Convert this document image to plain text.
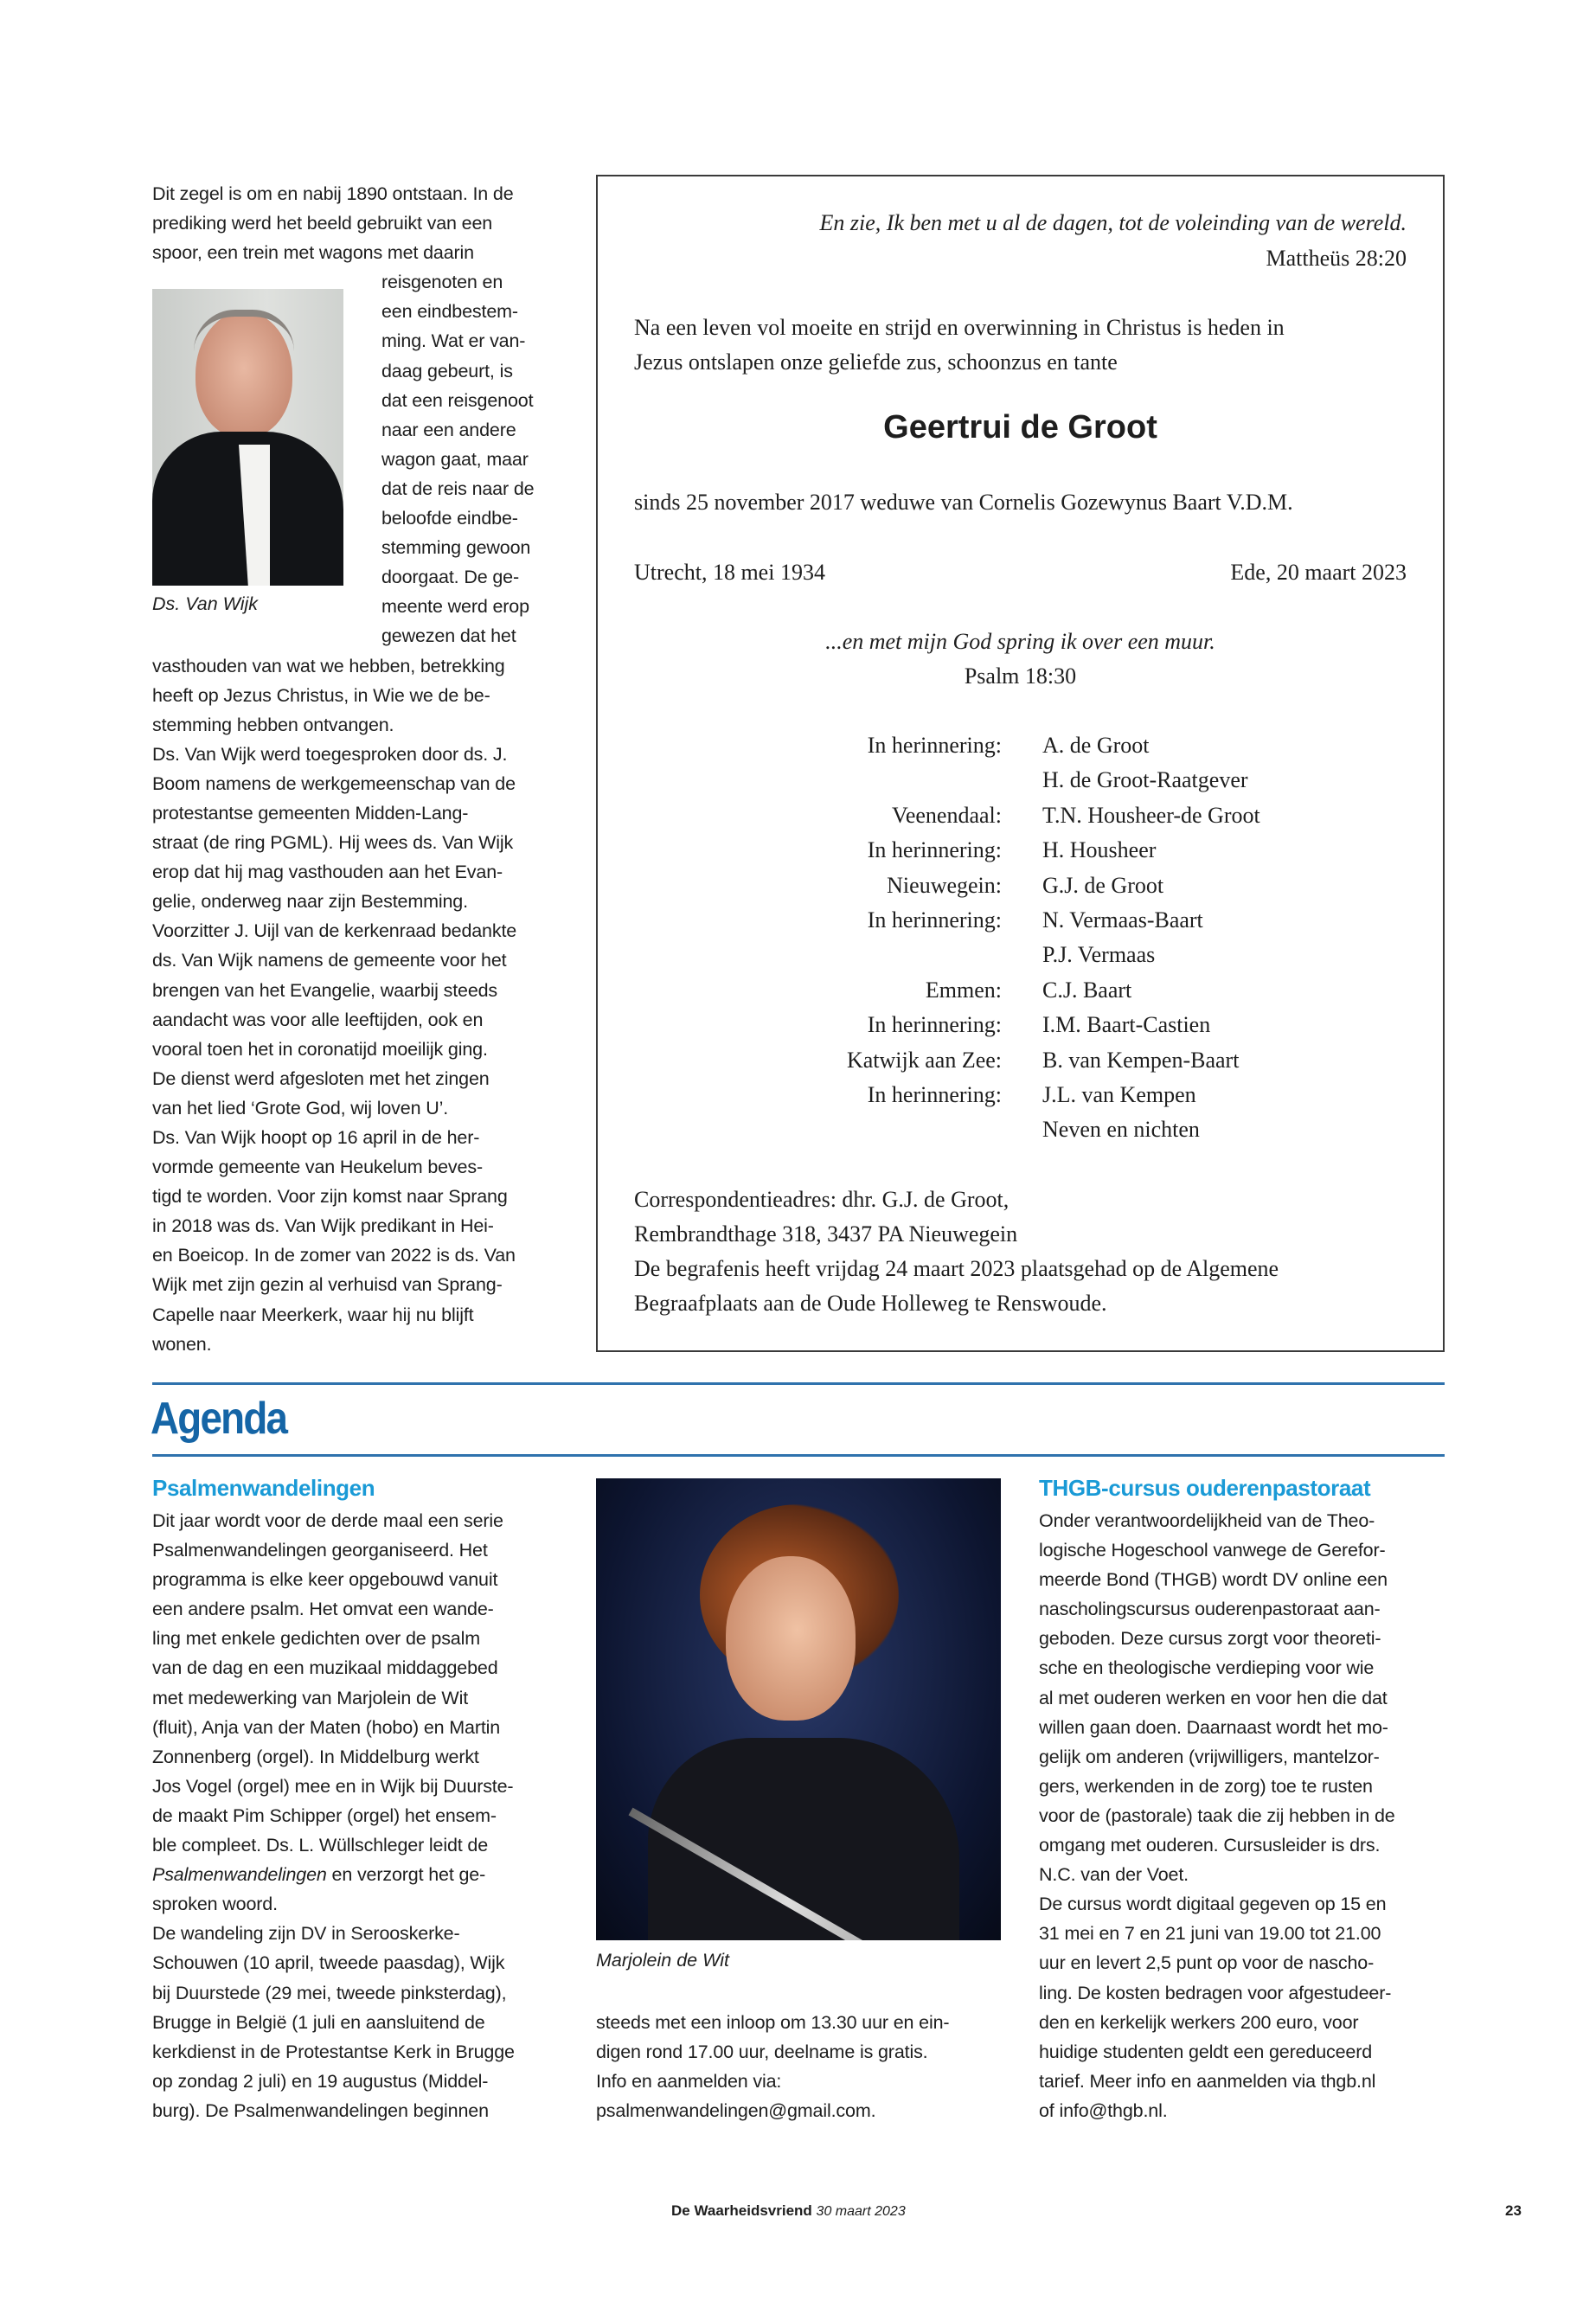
Dit zegel is om en nabij 1890 ontstaan. In de
prediking werd het beeld gebruikt van een
spoor, een trein met wagons met daarin
reisgenoten en
een eindbestem-
ming. Wat er van-
daag gebeurt, is
dat een reisgenoot
naar een andere
wagon gaat, maar
dat de reis naar de
beloofde eindbe-
stemming gewoon
doorgaat. De ge-
meente werd erop
gewezen dat het
vasthouden van wat we hebben, betrekking
heeft op Jezus Christus, in Wie we de be-
stemming hebben ontvangen.
Ds. Van Wijk werd toegesproken door ds. J.
Boom namens de werkgemeenschap van de
protestantse gemeenten Midden-Lang-
straat (de ring PGML). Hij wees ds. Van Wijk
erop dat hij mag vasthouden aan het Evan-
gelie, onderweg naar zijn Bestemming.
Voorzitter J. Uijl van de kerkenraad bedankte
ds. Van Wijk namens de gemeente voor het
brengen van het Evangelie, waarbij steeds
aandacht was voor alle leeftijden, ook en
vooral toen het in coronatijd moeilijk ging.
De dienst werd afgesloten met het zingen
van het lied ‘Grote God, wij loven U’.
Ds. Van Wijk hoopt op 16 april in de her-
vormde gemeente van Heukelum beves-
tigd te worden. Voor zijn komst naar Sprang
in 2018 was ds. Van Wijk predikant in Hei-
en Boeicop. In de zomer van 2022 is ds. Van
Wijk met zijn gezin al verhuisd van Sprang-
Capelle naar Meerkerk, waar hij nu blijft
wonen.
Ds. Van Wijk
En zie, Ik ben met u al de dagen, tot de voleinding van de wereld.
Mattheüs 28:20
Na een leven vol moeite en strijd en overwinning in Christus is heden in
Jezus ontslapen onze geliefde zus, schoonzus en tante
Geertrui de Groot
sinds 25 november 2017 weduwe van Cornelis Gozewynus Baart V.D.M.
Utrecht, 18 mei 1934	Ede, 20 maart 2023
...en met mijn God spring ik over een muur.
Psalm 18:30
In herinnering: A. de Groot
H. de Groot-Raatgever
Veenendaal: T.N. Housheer-de Groot
In herinnering: H. Housheer
Nieuwegein: G.J. de Groot
In herinnering: N. Vermaas-Baart
P.J. Vermaas
Emmen: C.J. Baart
In herinnering: I.M. Baart-Castien
Katwijk aan Zee: B. van Kempen-Baart
In herinnering: J.L. van Kempen
Neven en nichten
Correspondentieadres: dhr. G.J. de Groot,
Rembrandthage 318, 3437 PA Nieuwegein
De begrafenis heeft vrijdag 24 maart 2023 plaatsgehad op de Algemene
Begraafplaats aan de Oude Holleweg te Renswoude.
Agenda
Psalmenwandelingen
Dit jaar wordt voor de derde maal een serie
Psalmenwandelingen georganiseerd. Het
programma is elke keer opgebouwd vanuit
een andere psalm. Het omvat een wande-
ling met enkele gedichten over de psalm
van de dag en een muzikaal middaggebed
met medewerking van Marjolein de Wit
(fluit), Anja van der Maten (hobo) en Martin
Zonnenberg (orgel). In Middelburg werkt
Jos Vogel (orgel) mee en in Wijk bij Duurste-
de maakt Pim Schipper (orgel) het ensem-
ble compleet. Ds. L. Wüllschleger leidt de
Psalmenwandelingen en verzorgt het ge-
sproken woord.
De wandeling zijn DV in Serooskerke-
Schouwen (10 april, tweede paasdag), Wijk
bij Duurstede (29 mei, tweede pinksterdag),
Brugge in België (1 juli en aansluitend de
kerkdienst in de Protestantse Kerk in Brugge
op zondag 2 juli) en 19 augustus (Middel-
burg). De Psalmenwandelingen beginnen
Marjolein de Wit
steeds met een inloop om 13.30 uur en ein-
digen rond 17.00 uur, deelname is gratis.
Info en aanmelden via:
psalmenwandelingen@gmail.com.
THGB-cursus ouderenpastoraat
Onder verantwoordelijkheid van de Theo-
logische Hogeschool vanwege de Gerefor-
meerde Bond (THGB) wordt DV online een
nascholingscursus ouderenpastoraat aan-
geboden. Deze cursus zorgt voor theoreti-
sche en theologische verdieping voor wie
al met ouderen werken en voor hen die dat
willen gaan doen. Daarnaast wordt het mo-
gelijk om anderen (vrijwilligers, mantelzor-
gers, werkenden in de zorg) toe te rusten
voor de (pastorale) taak die zij hebben in de
omgang met ouderen. Cursusleider is drs.
N.C. van der Voet.
De cursus wordt digitaal gegeven op 15 en
31 mei en 7 en 21 juni van 19.00 tot 21.00
uur en levert 2,5 punt op voor de nascho-
ling. De kosten bedragen voor afgestudeer-
den en kerkelijk werkers 200 euro, voor
huidige studenten geldt een gereduceerd
tarief. Meer info en aanmelden via thgb.nl
of info@thgb.nl.
De Waarheidsvriend 30 maart 2023	23
